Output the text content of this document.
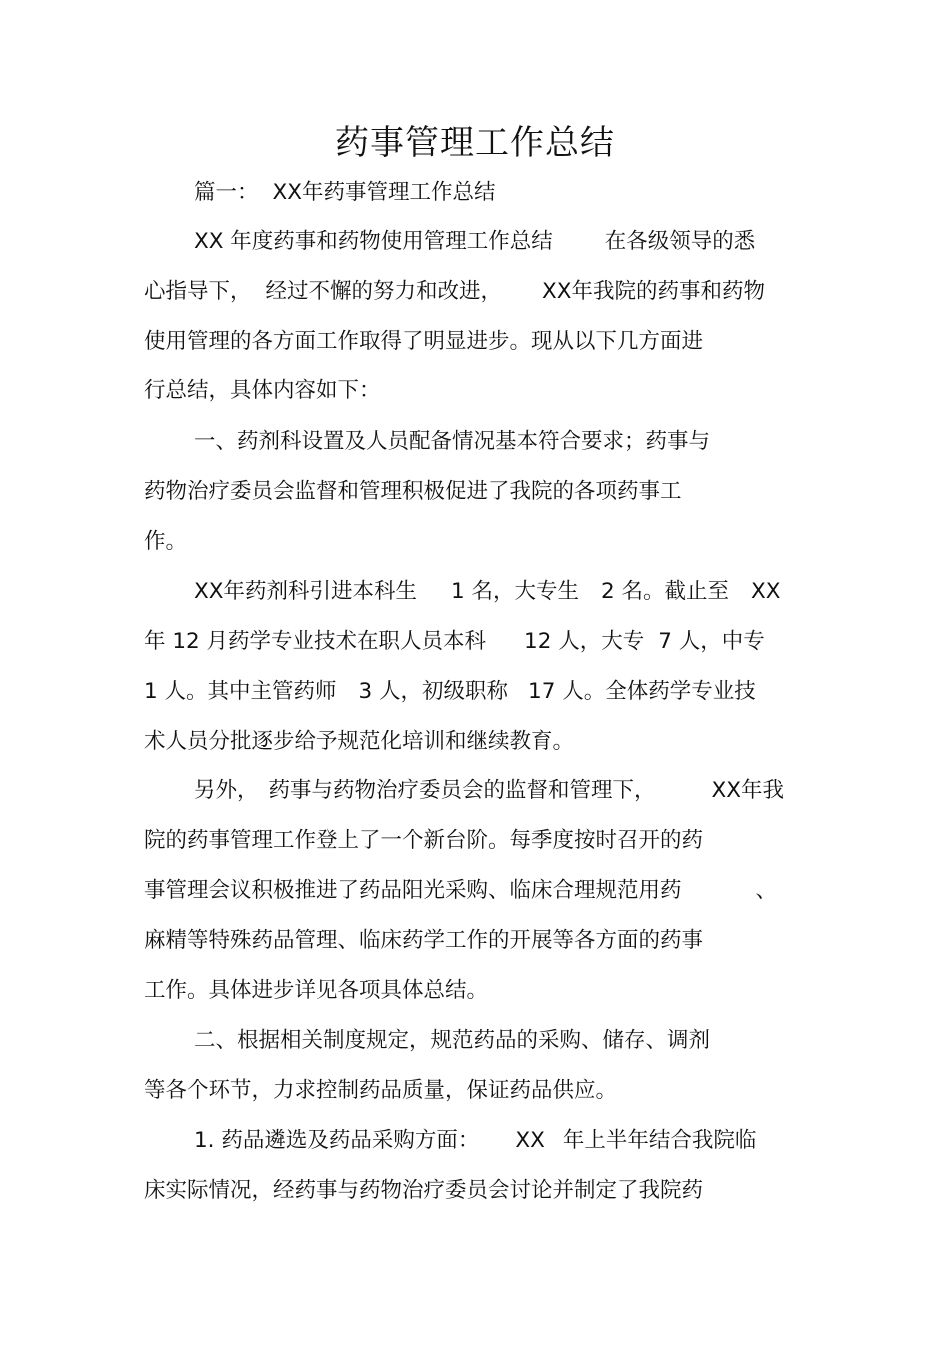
药事管理工作总结
篇一： XX年药事管理工作总结
XX 年度药事和药物使用管理工作总结 在各级领导的悉
心指导下， 经过不懈的努力和改进， XX年我院的药事和药物
使用管理的各方面工作取得了明显进步。现从以下几方面进
行总结，具体内容如下：
一、药剂科设置及人员配备情况基本符合要求；药事与
药物治疗委员会监督和管理积极促进了我院的各项药事工
作。
XX年药剂科引进本科生 1 名，大专生 2 名。截止至 XX
年 12 月药学专业技术在职人员本科 12 人，大专 7 人，中专
1 人。其中主管药师 3 人，初级职称 17 人。全体药学专业技
术人员分批逐步给予规范化培训和继续教育。
另外， 药事与药物治疗委员会的监督和管理下，	XX年我
院的药事管理工作登上了一个新台阶。每季度按时召开的药
事管理会议积极推进了药品阳光采购、临床合理规范用药	、
麻精等特殊药品管理、临床药学工作的开展等各方面的药事
工作。具体进步详见各项具体总结。
二、根据相关制度规定，规范药品的采购、储存、调剂
等各个环节，力求控制药品质量，保证药品供应。
1. 药品遴选及药品采购方面： XX 年上半年结合我院临
床实际情况，经药事与药物治疗委员会讨论并制定了我院药
